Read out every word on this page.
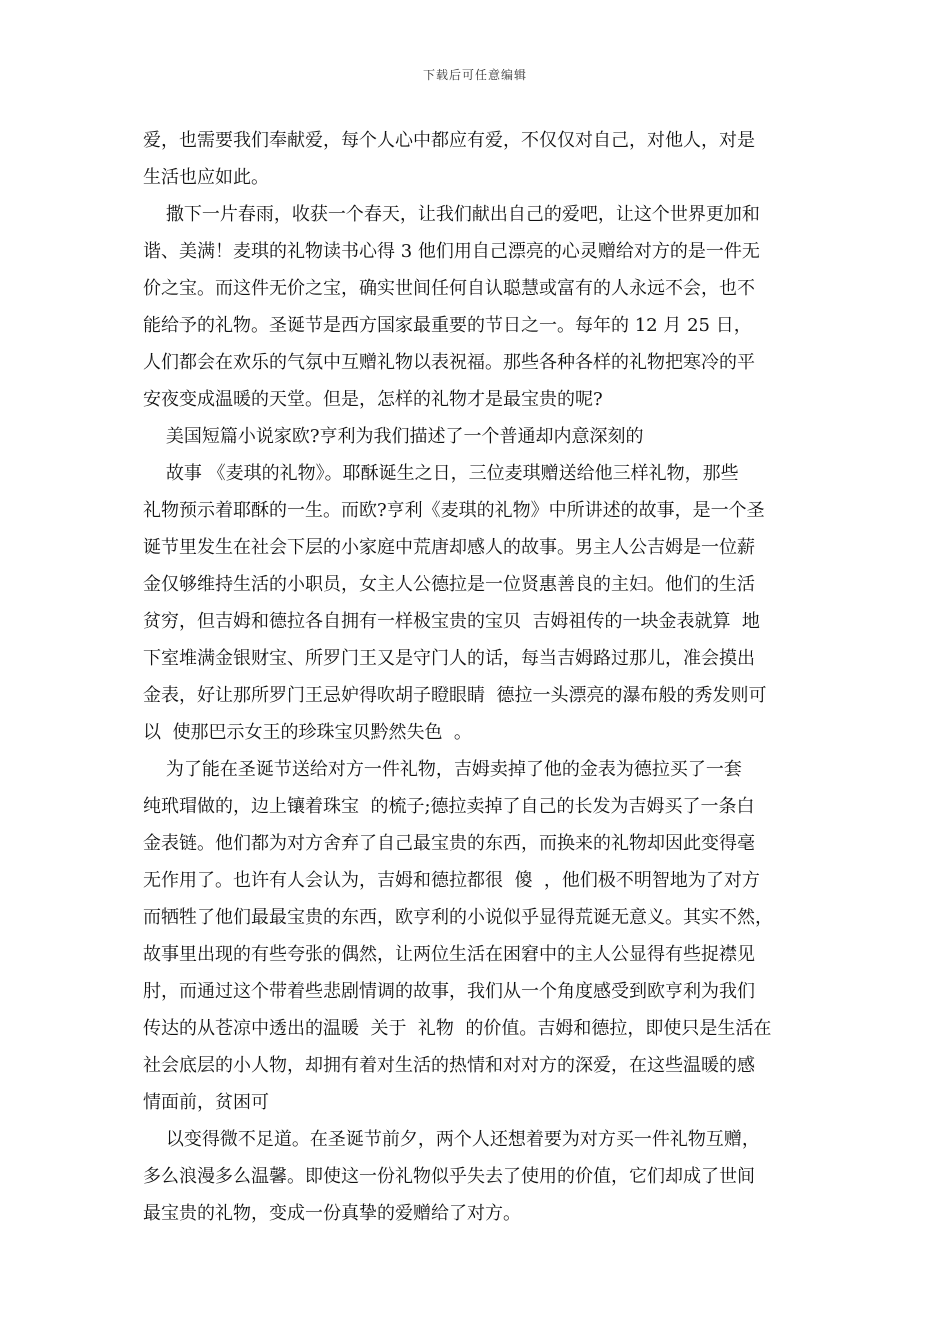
下载后可任意编辑
爱，也需要我们奉献爱，每个人心中都应有爱，不仅仅对自己，对他人，对是
生活也应如此。
撒下一片春雨，收获一个春天，让我们献出自己的爱吧，让这个世界更加和
谐、美满！麦琪的礼物读书心得 3 他们用自己漂亮的心灵赠给对方的是一件无
价之宝。而这件无价之宝，确实世间任何自认聪慧或富有的人永远不会，也不
能给予的礼物。圣诞节是西方国家最重要的节日之一。每年的 12 月 25 日，
人们都会在欢乐的气氛中互赠礼物以表祝福。那些各种各样的礼物把寒冷的平
安夜变成温暖的天堂。但是，怎样的礼物才是最宝贵的呢?
美国短篇小说家欧?亨利为我们描述了一个普通却内意深刻的
故事 《麦琪的礼物》。耶酥诞生之日，三位麦琪赠送给他三样礼物，那些
礼物预示着耶酥的一生。而欧?亨利《麦琪的礼物》中所讲述的故事，是一个圣
诞节里发生在社会下层的小家庭中荒唐却感人的故事。男主人公吉姆是一位薪
金仅够维持生活的小职员，女主人公德拉是一位贤惠善良的主妇。他们的生活
贫穷，但吉姆和德拉各自拥有一样极宝贵的宝贝  吉姆祖传的一块金表就算  地
下室堆满金银财宝、所罗门王又是守门人的话，每当吉姆路过那儿，准会摸出
金表，好让那所罗门王忌妒得吹胡子瞪眼睛  德拉一头漂亮的瀑布般的秀发则可
以  使那巴示女王的珍珠宝贝黔然失色  。
为了能在圣诞节送给对方一件礼物，吉姆卖掉了他的金表为德拉买了一套
纯玳瑁做的，边上镶着珠宝  的梳子;德拉卖掉了自己的长发为吉姆买了一条白
金表链。他们都为对方舍弃了自己最宝贵的东西，而换来的礼物却因此变得毫
无作用了。也许有人会认为，吉姆和德拉都很  傻  ，他们极不明智地为了对方
而牺牲了他们最最宝贵的东西，欧亨利的小说似乎显得荒诞无意义。其实不然，
故事里出现的有些夸张的偶然，让两位生活在困窘中的主人公显得有些捉襟见
肘，而通过这个带着些悲剧情调的故事，我们从一个角度感受到欧亨利为我们
传达的从苍凉中透出的温暖  关于  礼物  的价值。吉姆和德拉，即使只是生活在
社会底层的小人物，却拥有着对生活的热情和对对方的深爱，在这些温暖的感
情面前，贫困可
以变得微不足道。在圣诞节前夕，两个人还想着要为对方买一件礼物互赠，
多么浪漫多么温馨。即使这一份礼物似乎失去了使用的价值，它们却成了世间
最宝贵的礼物，变成一份真挚的爱赠给了对方。
